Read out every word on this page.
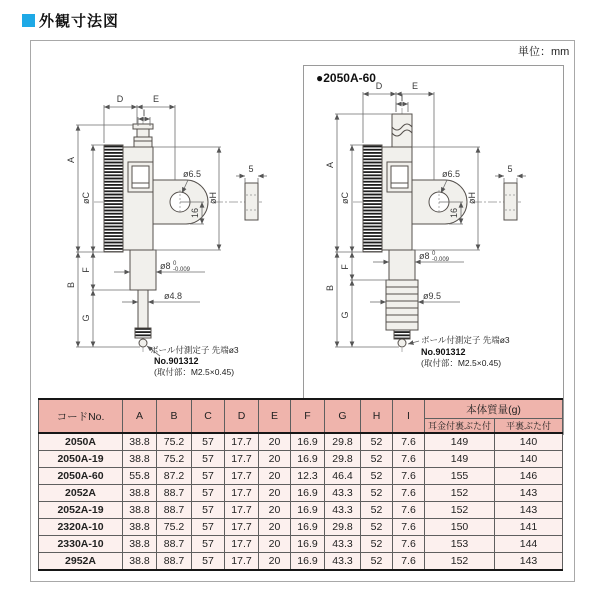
外観寸法図
単位：mm
●2050A-60
D	E
I
A
øC
B
F
G
øH
16
ø6.5	5
ø8 0
-0.009
ø4.8
ボール付測定子 先端ø3
No.901312
(取付部：M2.5×0.45)
D	E
I
A
øC
B
F
G
øH
16
ø6.5	5
ø8 0
-0.009
ø9.5
ボール付測定子 先端ø3
No.901312
(取付部：M2.5×0.45)
コードNo.	A	B	C	D	E	F	G	H	I	本体質量(g)	
										耳金付裏ぶた付	平裏ぶた付
2050A	38.8	75.2	57	17.7	20	16.9	29.8	52	7.6	149	140
2050A-19	38.8	75.2	57	17.7	20	16.9	29.8	52	7.6	149	140
2050A-60	55.8	87.2	57	17.7	20	12.3	46.4	52	7.6	155	146
2052A	38.8	88.7	57	17.7	20	16.9	43.3	52	7.6	152	143
2052A-19	38.8	88.7	57	17.7	20	16.9	43.3	52	7.6	152	143
2320A-10	38.8	75.2	57	17.7	20	16.9	29.8	52	7.6	150	141
2330A-10	38.8	88.7	57	17.7	20	16.9	43.3	52	7.6	153	144
2952A	38.8	88.7	57	17.7	20	16.9	43.3	52	7.6	152	143
